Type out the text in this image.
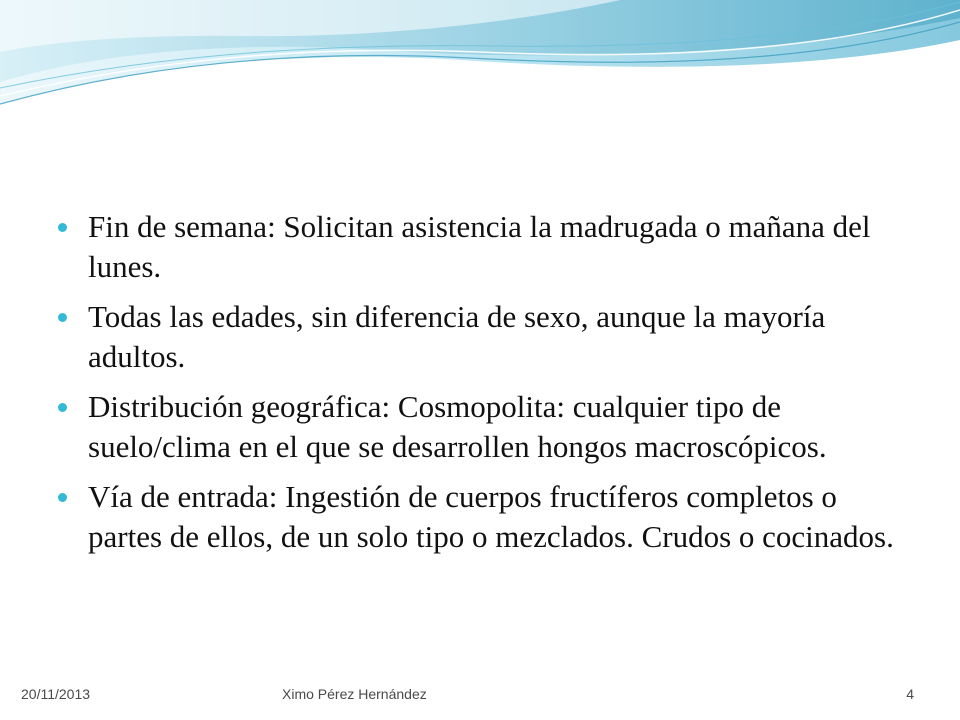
Fin de semana: Solicitan asistencia la madrugada o mañana del lunes.
Todas las edades, sin diferencia de sexo, aunque la mayoría adultos.
Distribución geográfica: Cosmopolita: cualquier tipo de suelo/clima en el que se desarrollen hongos macroscópicos.
Vía de entrada: Ingestión de cuerpos fructíferos completos o partes de ellos, de un solo tipo o mezclados. Crudos o cocinados.
20/11/2013	Ximo Pérez Hernández	4
